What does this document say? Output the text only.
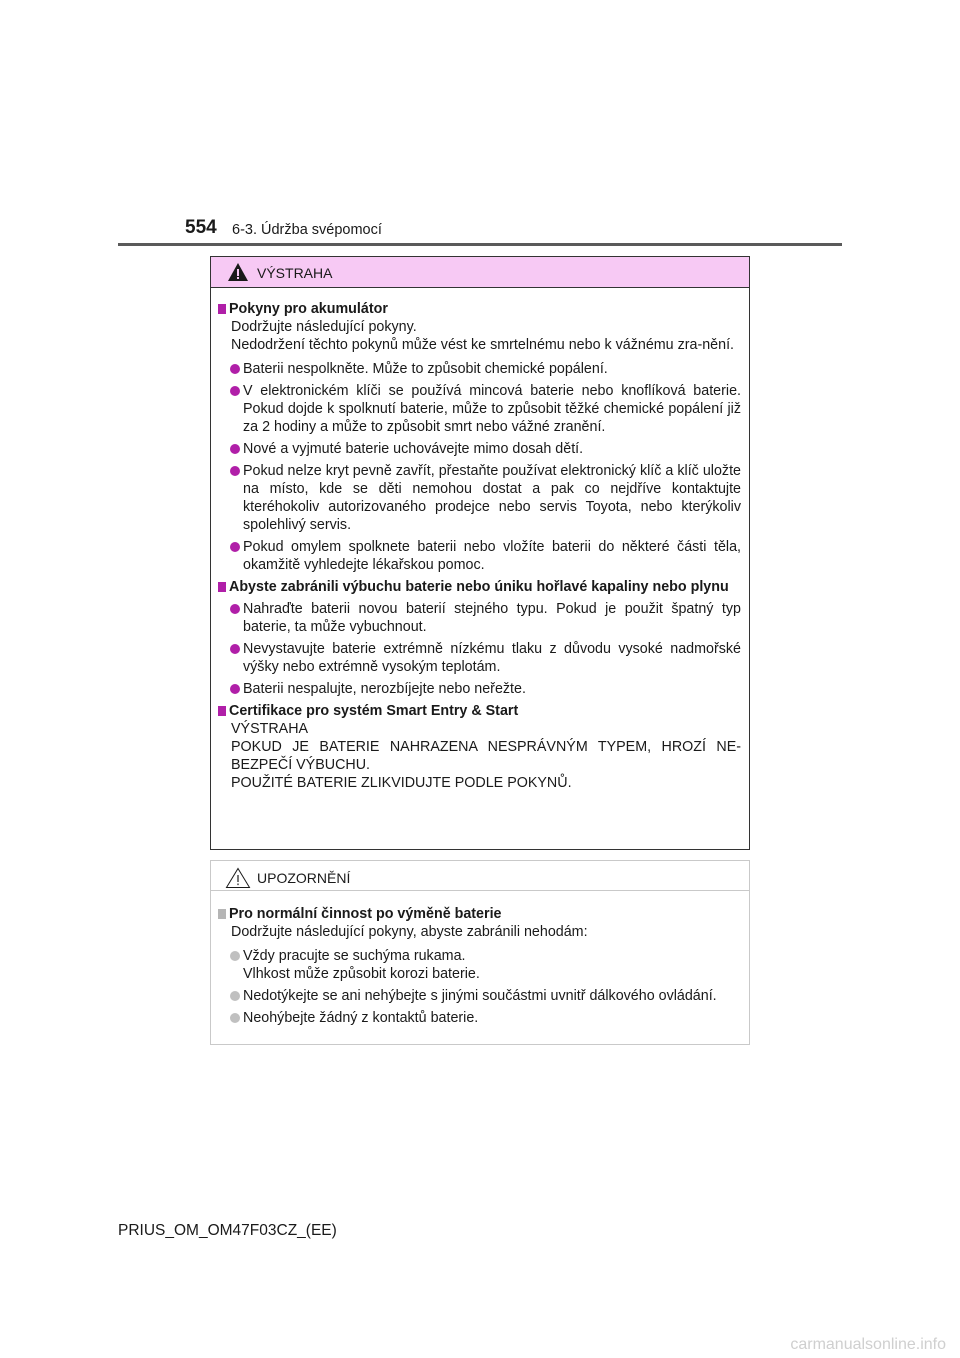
554 6-3. Údržba svépomocí
VÝSTRAHA
Pokyny pro akumulátor
Dodržujte následující pokyny.
Nedodržení těchto pokynů může vést ke smrtelnému nebo k vážnému zra-nění.
Baterii nespolkněte. Může to způsobit chemické popálení.
V elektronickém klíči se používá mincová baterie nebo knoflíková baterie. Pokud dojde k spolknutí baterie, může to způsobit těžké chemické popálení již za 2 hodiny a může to způsobit smrt nebo vážné zranění.
Nové a vyjmuté baterie uchovávejte mimo dosah dětí.
Pokud nelze kryt pevně zavřít, přestaňte používat elektronický klíč a klíč uložte na místo, kde se děti nemohou dostat a pak co nejdříve kontaktujte kteréhokoliv autorizovaného prodejce nebo servis Toyota, nebo kterýkoliv spolehlivý servis.
Pokud omylem spolknete baterii nebo vložíte baterii do některé části těla, okamžitě vyhledejte lékařskou pomoc.
Abyste zabránili výbuchu baterie nebo úniku hořlavé kapaliny nebo plynu
Nahraďte baterii novou baterií stejného typu. Pokud je použit špatný typ baterie, ta může vybuchnout.
Nevystavujte baterie extrémně nízkému tlaku z důvodu vysoké nadmořské výšky nebo extrémně vysokým teplotám.
Baterii nespalujte, nerozbíjejte nebo neřežte.
Certifikace pro systém Smart Entry & Start
VÝSTRAHA
POKUD JE BATERIE NAHRAZENA NESPRÁVNÝM TYPEM, HROZÍ NE-BEZPEČÍ VÝBUCHU.
POUŽITÉ BATERIE ZLIKVIDUJTE PODLE POKYNŮ.
UPOZORNĚNÍ
Pro normální činnost po výměně baterie
Dodržujte následující pokyny, abyste zabránili nehodám:
Vždy pracujte se suchýma rukama.
Vlhkost může způsobit korozi baterie.
Nedotýkejte se ani nehýbejte s jinými součástmi uvnitř dálkového ovládání.
Neohýbejte žádný z kontaktů baterie.
PRIUS_OM_OM47F03CZ_(EE)
carmanualsonline.info
